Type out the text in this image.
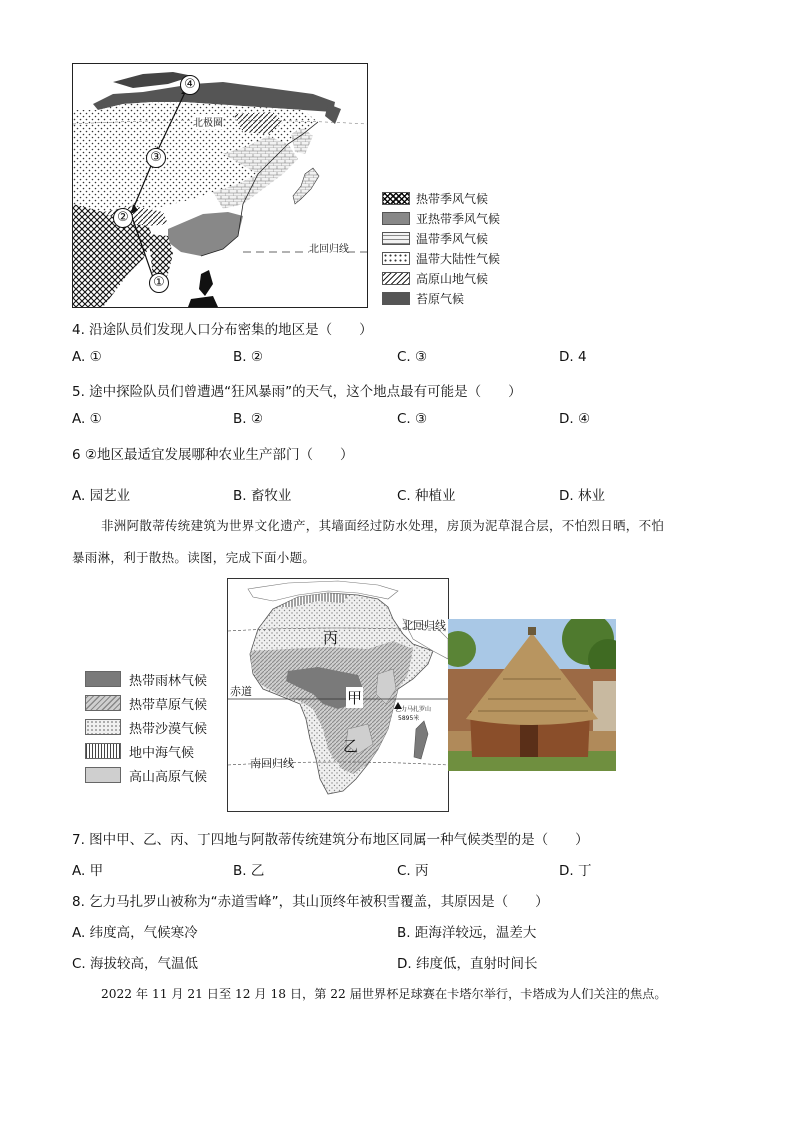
④
③
②
①
北极圈
北回归线
热带季风气候
亚热带季风气候
温带季风气候
温带大陆性气候
高原山地气候
苔原气候
4. 沿途队员们发现人口分布密集的地区是（　　）
A. ①	B. ②	C. ③	D. 4
5. 途中探险队员们曾遭遇“狂风暴雨”的天气，这个地点最有可能是（　　）
A. ①	B. ②	C. ③	D. ④
6 ②地区最适宜发展哪种农业生产部门（　　）
A. 园艺业	B. 畜牧业	C. 种植业	D. 林业
非洲阿散蒂传统建筑为世界文化遗产，其墙面经过防水处理，房顶为泥草混合层，不怕烈日晒，不怕
暴雨淋，利于散热。读图，完成下面小题。
热带雨林气候
热带草原气候
热带沙漠气候
地中海气候
高山高原气候
北回归线
赤道
南回归线
丙
甲
乙
乞力马扎罗山
5895米
7. 图中甲、乙、丙、丁四地与阿散蒂传统建筑分布地区同属一种气候类型的是（　　）
A. 甲	B. 乙	C. 丙	D. 丁
8. 乞力马扎罗山被称为“赤道雪峰”，其山顶终年被积雪覆盖，其原因是（　　）
A. 纬度高，气候寒冷	B. 距海洋较远，温差大
C. 海拔较高，气温低	D. 纬度低，直射时间长
2022 年 11 月 21 日至 12 月 18 日，第 22 届世界杯足球赛在卡塔尔举行，卡塔成为人们关注的焦点。
